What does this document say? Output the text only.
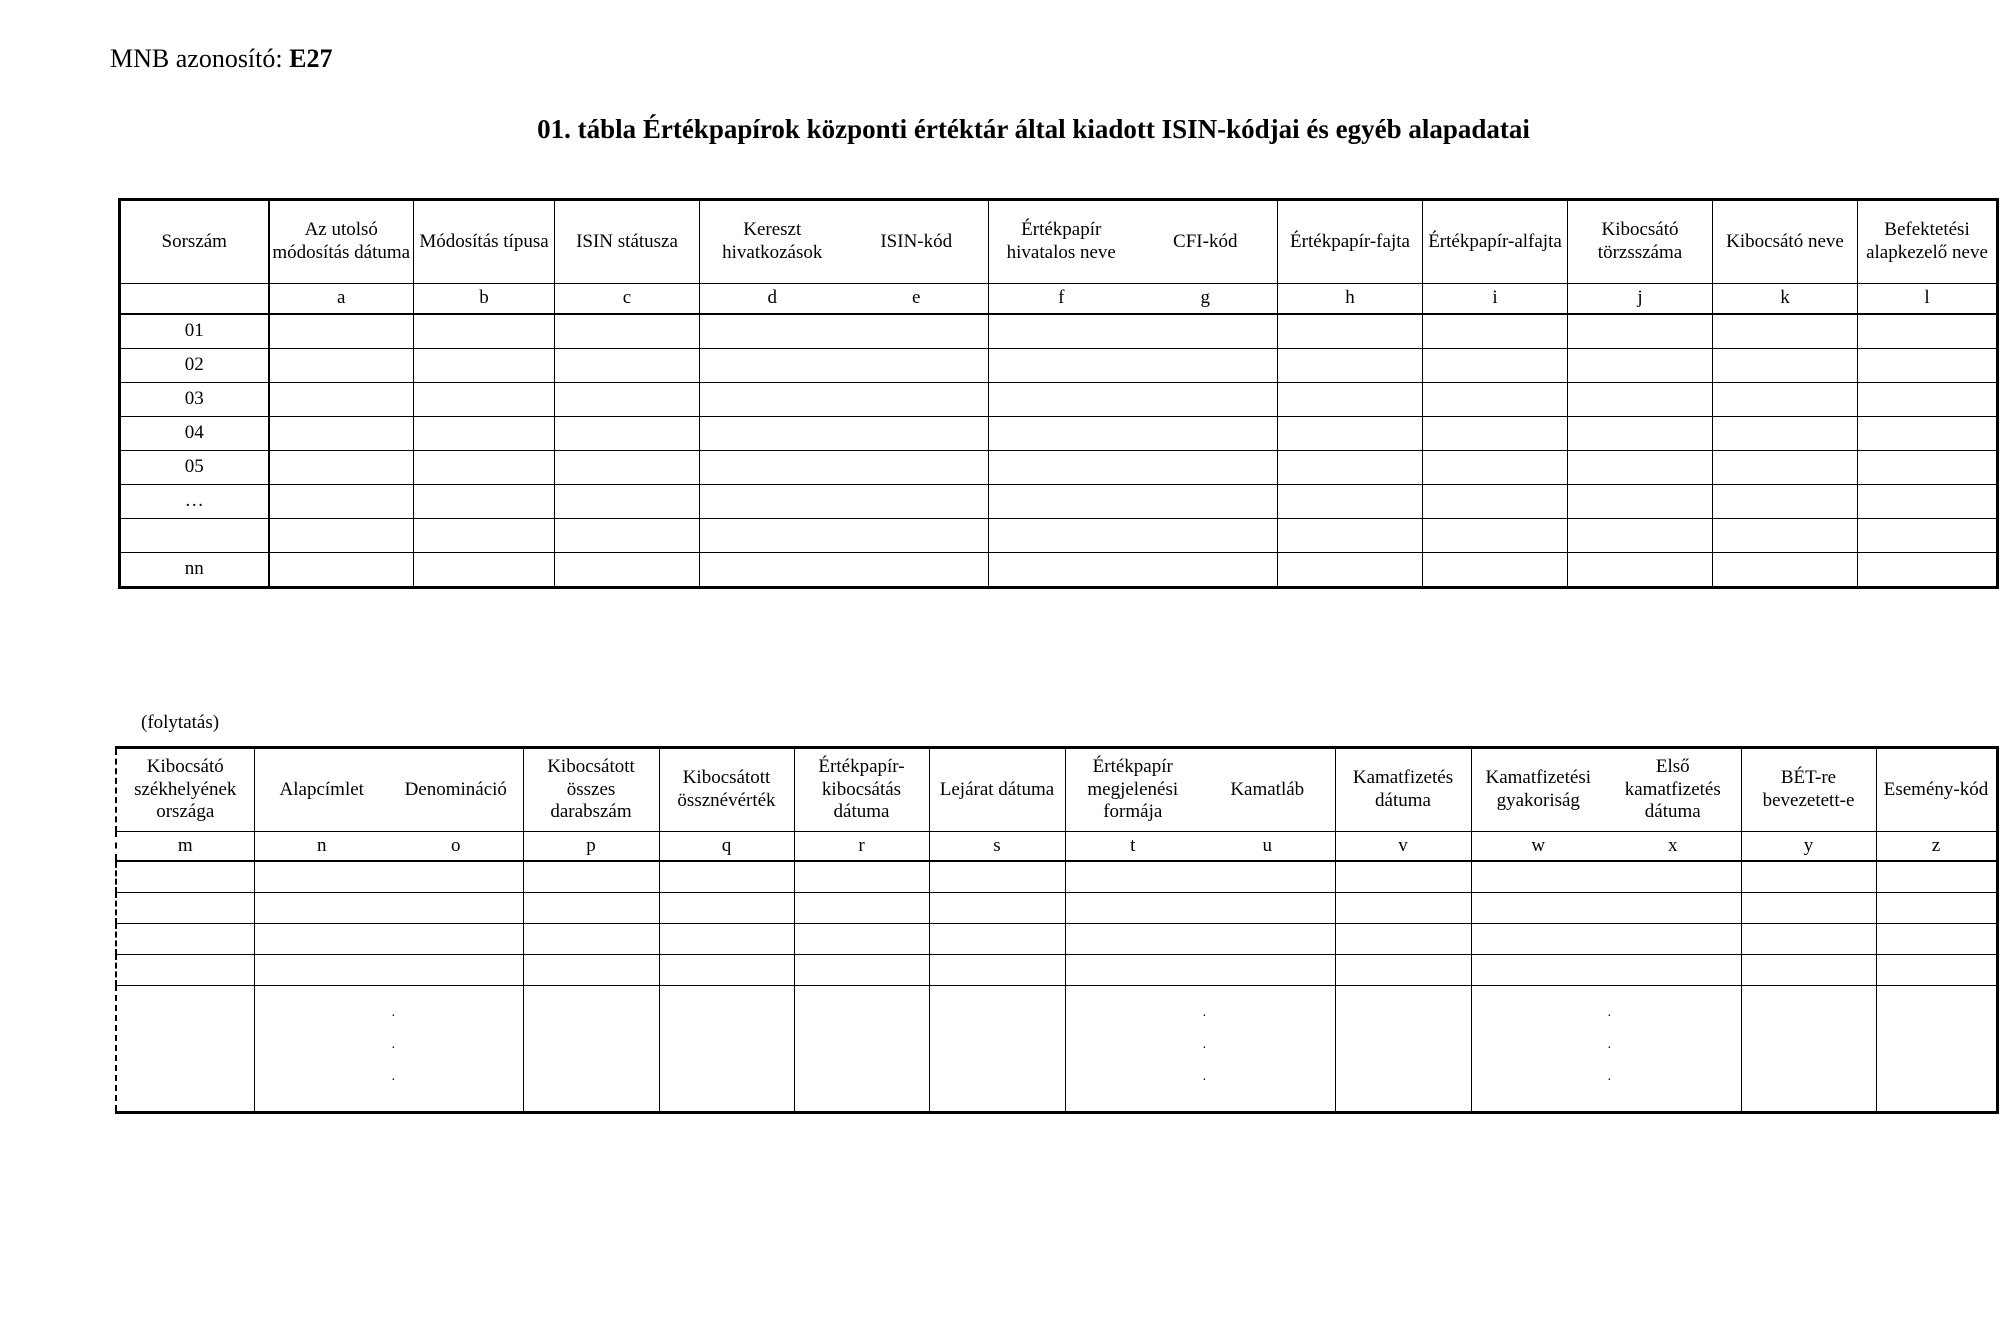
MNB azonosító: E27
01. tábla Értékpapírok központi értéktár által kiadott ISIN-kódjai és egyéb alapadatai
Sorszám	Az utolsó módosítás dátuma	Módosítás típusa	ISIN státusza	Kereszt hivatkozások	ISIN-kód	Értékpapír hivatalos neve	CFI-kód	Értékpapír-fajta	Értékpapír-alfajta	Kibocsátó törzsszáma	Kibocsátó neve	Befektetési alapkezelő neve
	a	b	c	d	e	f	g	h	i	j	k	l
01												
02												
03												
04												
05												
…												

nn												
(folytatás)
Kibocsátó székhelyének országa	Alapcímlet	Denomináció	Kibocsátott összes darabszám	Kibocsátott össznévérték	Értékpapír-kibocsátás dátuma	Lejárat dátuma	Értékpapír megjelenési formája	Kamatláb	Kamatfizetés dátuma	Kamatfizetési gyakoriság	Első kamatfizetés dátuma	BÉT-re bevezetett-e	Esemény-kód
m	n	o	p	q	r	s	t	u	v	w	x	y	z

		·
·
·						·
·
·			·
·
·		
